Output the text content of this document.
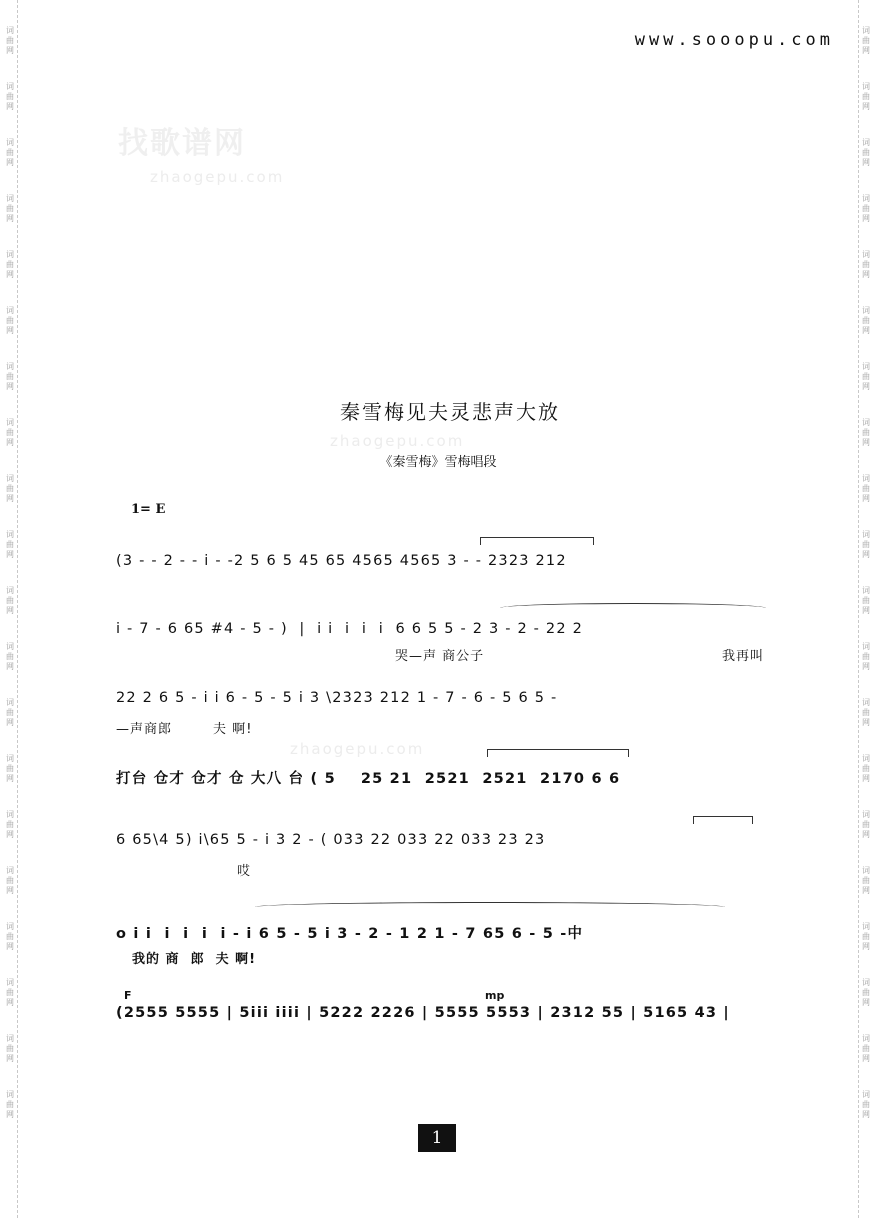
词
曲
网
词
曲
网
词
曲
网
词
曲
网
词
曲
网
词
曲
网
词
曲
网
词
曲
网
词
曲
网
词
曲
网
词
曲
网
词
曲
网
词
曲
网
词
曲
网
词
曲
网
词
曲
网
词
曲
网
词
曲
网
词
曲
网
词
曲
网
词
曲
网
词
曲
网
词
曲
网
词
曲
网
词
曲
网
词
曲
网
词
曲
网
词
曲
网
词
曲
网
词
曲
网
词
曲
网
词
曲
网
词
曲
网
词
曲
网
词
曲
网
词
曲
网
词
曲
网
词
曲
网
词
曲
网
词
曲
网
www.sooopu.com
找歌谱网
zhaogepu.com
zhaogepu.com
zhaogepu.com
秦雪梅见夫灵悲声大放
《秦雪梅》雪梅唱段
1= E
(3 - - 2 - - i - -2 5 6 5 45 65 4565 4565 3 - - 2323 212
i - 7 - 6 65 #4 - 5 - )  |  i i  i  i  i  6 6 5 5 - 2 3 - 2 - 22 2
哭—声 商公子	我再叫
22 2 6 5 - i i 6 - 5 - 5 i 3 \2323 212 1 - 7 - 6 - 5 6 5 -
—声商郎        夫 啊!
打台 仓才 仓才 仓 大八 台 ( 5    25 21  2521  2521  2170 6 6
6 65\4 5) i\65 5 - i 3 2 - ( 033 22 033 22 033 23 23
哎
o i i  i  i  i  i - i 6 5 - 5 i 3 - 2 - 1 2 1 - 7 65 6 - 5 -中
我的 商  郎  夫 啊!
F	mp
(2555 5555 | 5iii iiii | 5222 2226 | 5555 5553 | 2312 55 | 5165 43 |
1
